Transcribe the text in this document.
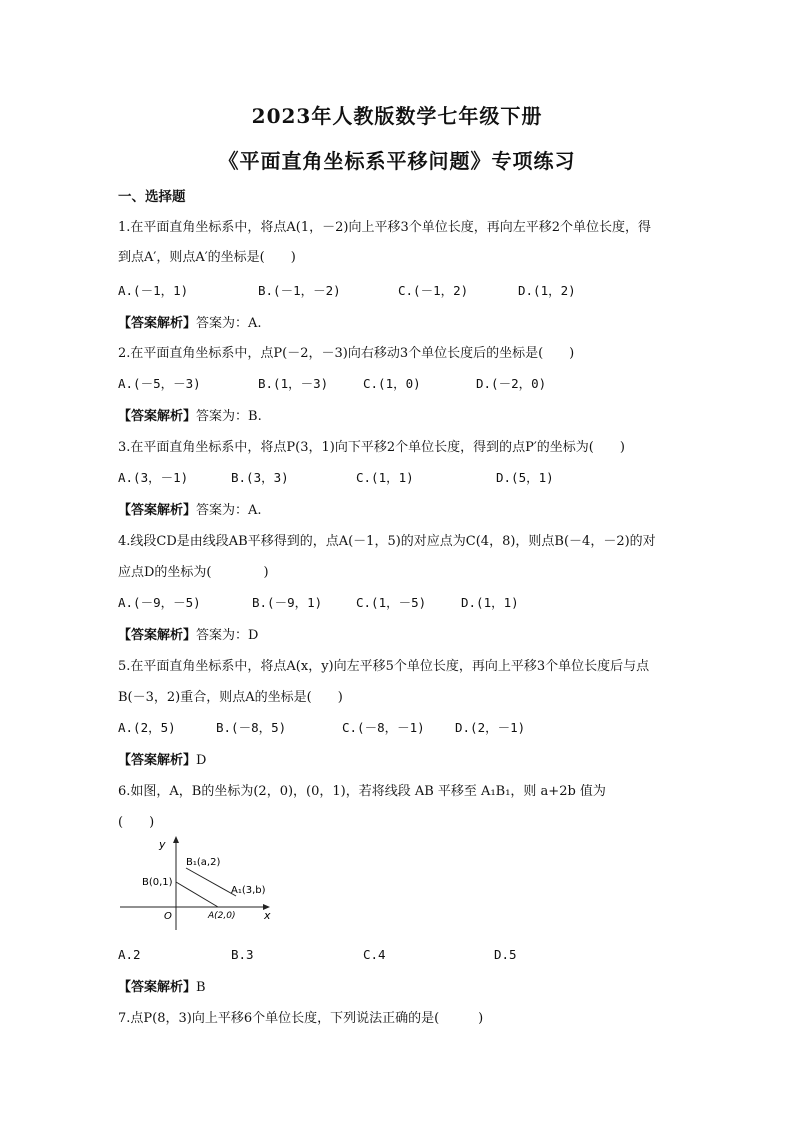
2023年人教版数学七年级下册
《平面直角坐标系平移问题》专项练习
一、选择题
1.在平面直角坐标系中，将点A(1，－2)向上平移3个单位长度，再向左平移2个单位长度，得
到点A′，则点A′的坐标是(　　)
A.(－1，1)	B.(－1，－2)	C.(－1，2)	D.(1，2)
【答案解析】答案为：A.
2.在平面直角坐标系中，点P(－2，－3)向右移动3个单位长度后的坐标是(　　)
A.(－5，－3)	B.(1，－3)	C.(1，0)	D.(－2，0)
【答案解析】答案为：B.
3.在平面直角坐标系中，将点P(3，1)向下平移2个单位长度，得到的点P′的坐标为(　　)
A.(3，－1)	B.(3，3)	C.(1，1)	D.(5，1)
【答案解析】答案为：A.
4.线段CD是由线段AB平移得到的，点A(－1，5)的对应点为C(4，8)，则点B(－4，－2)的对
应点D的坐标为(　　　　)
A.(－9，－5)	B.(－9，1)	C.(1，－5)	D.(1，1)
【答案解析】答案为：D
5.在平面直角坐标系中，将点A(x，y)向左平移5个单位长度，再向上平移3个单位长度后与点
B(－3，2)重合，则点A的坐标是(　　)
A.(2，5)	B.(－8，5)	C.(－8，－1) D.(2，－1)
【答案解析】D
6.如图，A，B的坐标为(2，0)，(0，1)，若将线段 AB 平移至 A₁B₁，则 a+2b 值为
(　　)
y
x
O
B(0,1)
A(2,0)
B₁(a,2)
A₁(3,b)
A.2	B.3	C.4	D.5
【答案解析】B
7.点P(8，3)向上平移6个单位长度，下列说法正确的是(　　　)
